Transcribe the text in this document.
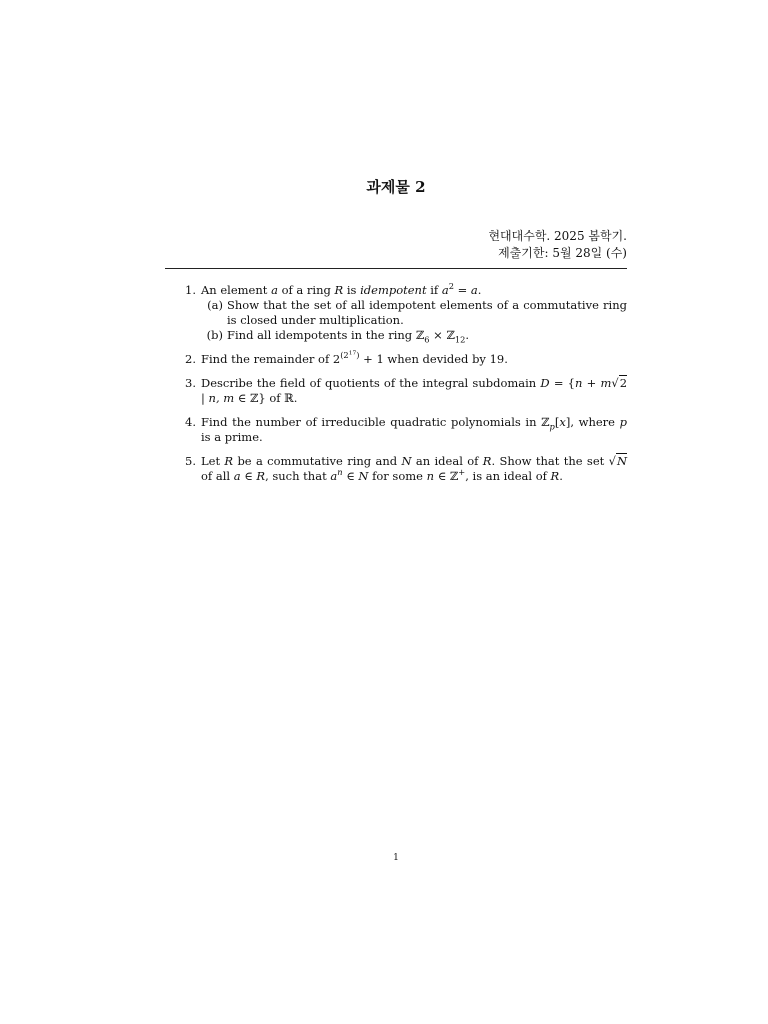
과제물 2
현대대수학. 2025 봄학기.
제출기한: 5월 28일 (수)
1. An element a of a ring R is idempotent if $a^2 = a$.
(a) Show that the set of all idempotent elements of a commutative ring is closed under multiplication.
(b) Find all idempotents in the ring ℤ$_6$ × ℤ$_{12}$.
2. Find the remainder of $2^{(2^{17})} + 1$ when devided by 19.
3. Describe the field of quotients of the integral subdomain D = {n + m√2 | n, m ∈ ℤ} of ℝ.
4. Find the number of irreducible quadratic polynomials in ℤ$_p$[x], where p is a prime.
5. Let R be a commutative ring and N an ideal of R. Show that the set √N of all a ∈ R, such that $a^n$ ∈ N for some n ∈ ℤ+, is an ideal of R.
1
